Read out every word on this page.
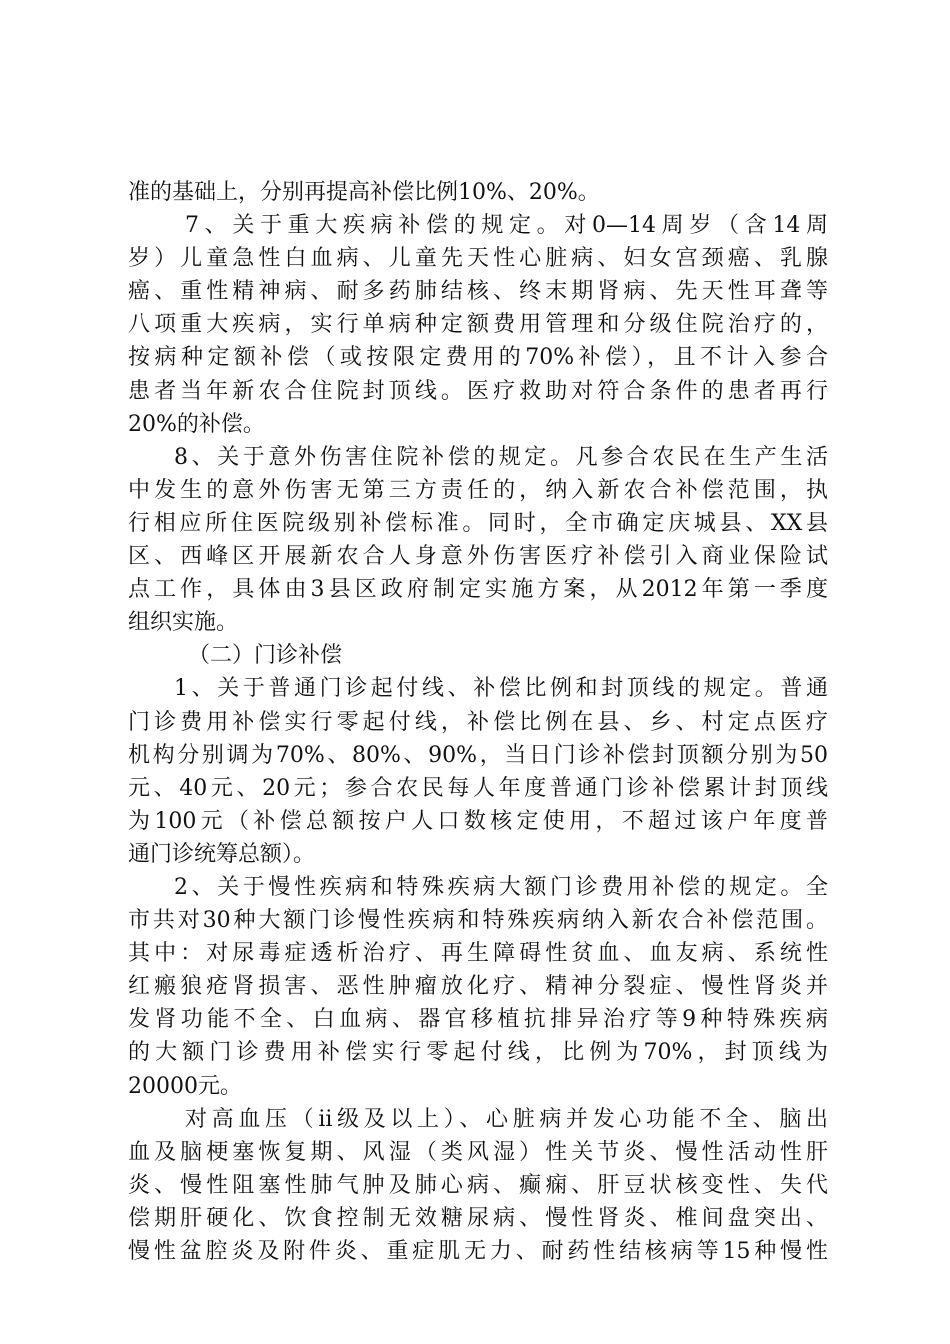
准的基础上，分别再提高补偿比例10%、20%。
7、关于重大疾病补偿的规定。对0—14周岁（含14周
岁）儿童急性白血病、儿童先天性心脏病、妇女宫颈癌、乳腺
癌、重性精神病、耐多药肺结核、终末期肾病、先天性耳聋等
八项重大疾病，实行单病种定额费用管理和分级住院治疗的，
按病种定额补偿（或按限定费用的70%补偿），且不计入参合
患者当年新农合住院封顶线。医疗救助对符合条件的患者再行
20%的补偿。
8、关于意外伤害住院补偿的规定。凡参合农民在生产生活
中发生的意外伤害无第三方责任的，纳入新农合补偿范围，执
行相应所住医院级别补偿标准。同时，全市确定庆城县、XX县
区、西峰区开展新农合人身意外伤害医疗补偿引入商业保险试
点工作，具体由3县区政府制定实施方案，从2012年第一季度
组织实施。
（二）门诊补偿
1、关于普通门诊起付线、补偿比例和封顶线的规定。普通
门诊费用补偿实行零起付线，补偿比例在县、乡、村定点医疗
机构分别调为70%、80%、90%，当日门诊补偿封顶额分别为50
元、40元、20元；参合农民每人年度普通门诊补偿累计封顶线
为100元（补偿总额按户人口数核定使用，不超过该户年度普
通门诊统筹总额）。
2、关于慢性疾病和特殊疾病大额门诊费用补偿的规定。全
市共对30种大额门诊慢性疾病和特殊疾病纳入新农合补偿范围。
其中：对尿毒症透析治疗、再生障碍性贫血、血友病、系统性
红瘢狼疮肾损害、恶性肿瘤放化疗、精神分裂症、慢性肾炎并
发肾功能不全、白血病、器官移植抗排异治疗等9种特殊疾病
的大额门诊费用补偿实行零起付线，比例为70%，封顶线为
20000元。
对高血压（ii级及以上）、心脏病并发心功能不全、脑出
血及脑梗塞恢复期、风湿（类风湿）性关节炎、慢性活动性肝
炎、慢性阻塞性肺气肿及肺心病、癫痫、肝豆状核变性、失代
偿期肝硬化、饮食控制无效糖尿病、慢性肾炎、椎间盘突出、
慢性盆腔炎及附件炎、重症肌无力、耐药性结核病等15种慢性
